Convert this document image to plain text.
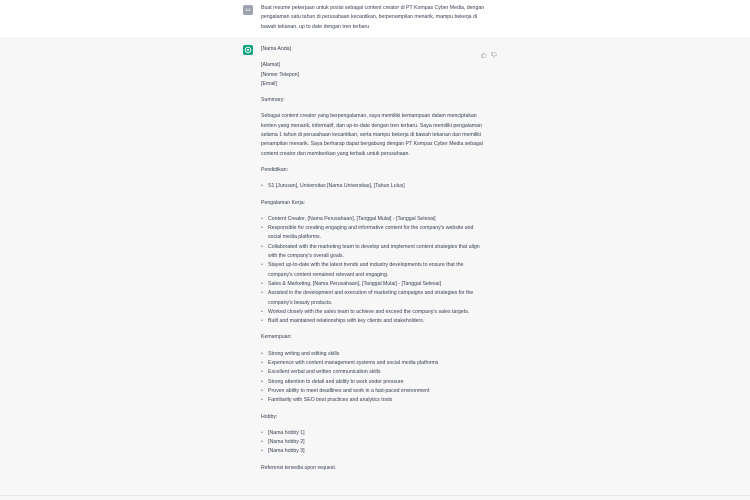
AA	Buat resume pekerjaan untuk posisi sebagai content creator di PT Kompas Cyber Media, dengan pengalaman satu tahun di perusahaan kecantikan, berpenampilan menarik, mampu bekerja di bawah tekanan, up to date dengan tren terbaru

[Nama Anda]

[Alamat]

[Nomor Telepon]

[Email]

Summary:

Sebagai content creator yang berpengalaman, saya memiliki kemampuan dalam menciptakan konten yang menarik, informatif, dan up-to-date dengan tren terbaru. Saya memiliki pengalaman selama 1 tahun di perusahaan kecantikan, serta mampu bekerja di bawah tekanan dan memiliki penampilan menarik. Saya berharap dapat bergabung dengan PT Kompas Cyber Media sebagai content creator dan memberikan yang terbaik untuk perusahaan.

Pendidikan:

• S1 [Jurusan], Universitas [Nama Universitas], [Tahun Lulus]

Pengalaman Kerja:

• Content Creator, [Nama Perusahaan], [Tanggal Mulai] - [Tanggal Selesai]
• Responsible for creating engaging and informative content for the company's website and social media platforms.
• Collaborated with the marketing team to develop and implement content strategies that align with the company's overall goals.
• Stayed up-to-date with the latest trends and industry developments to ensure that the company's content remained relevant and engaging.
• Sales & Marketing, [Nama Perusahaan], [Tanggal Mulai] - [Tanggal Selesai]
• Assisted in the development and execution of marketing campaigns and strategies for the company's beauty products.
• Worked closely with the sales team to achieve and exceed the company's sales targets.
• Built and maintained relationships with key clients and stakeholders.

Kemampuan:

• Strong writing and editing skills
• Experience with content management systems and social media platforms
• Excellent verbal and written communication skills
• Strong attention to detail and ability to work under pressure
• Proven ability to meet deadlines and work in a fast-paced environment
• Familiarity with SEO best practices and analytics tools

Hobby:

• [Nama hobby 1]
• [Nama hobby 2]
• [Nama hobby 3]

Referensi tersedia upon request.
